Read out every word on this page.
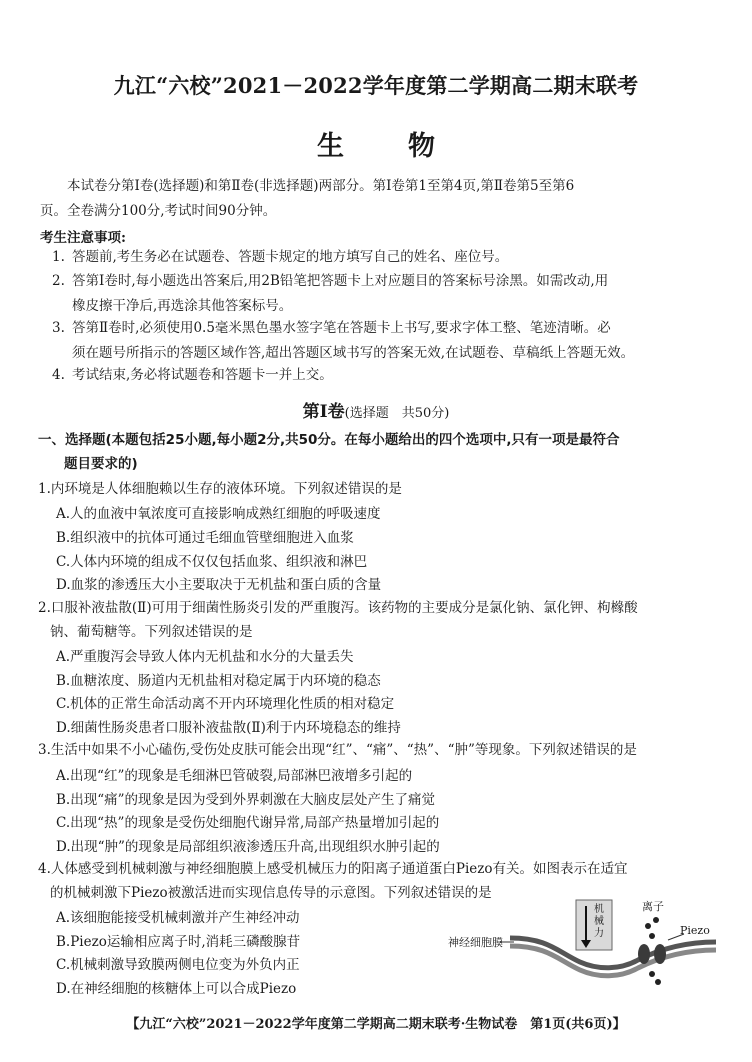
九江“六校”2021－2022学年度第二学期高二期末联考
生物
本试卷分第Ⅰ卷(选择题)和第Ⅱ卷(非选择题)两部分。第Ⅰ卷第1至第4页,第Ⅱ卷第5至第6
页。全卷满分100分,考试时间90分钟。
考生注意事项:
1. 答题前,考生务必在试题卷、答题卡规定的地方填写自己的姓名、座位号。
2. 答第Ⅰ卷时,每小题选出答案后,用2B铅笔把答题卡上对应题目的答案标号涂黑。如需改动,用
橡皮擦干净后,再选涂其他答案标号。
3. 答第Ⅱ卷时,必须使用0.5毫米黑色墨水签字笔在答题卡上书写,要求字体工整、笔迹清晰。必
须在题号所指示的答题区域作答,超出答题区域书写的答案无效,在试题卷、草稿纸上答题无效。
4. 考试结束,务必将试题卷和答题卡一并上交。
第Ⅰ卷(选择题　共50分)
一、选择题(本题包括25小题,每小题2分,共50分。在每小题给出的四个选项中,只有一项是最符合
题目要求的)
1.内环境是人体细胞赖以生存的液体环境。下列叙述错误的是
A.人的血液中氧浓度可直接影响成熟红细胞的呼吸速度
B.组织液中的抗体可通过毛细血管壁细胞进入血浆
C.人体内环境的组成不仅仅包括血浆、组织液和淋巴
D.血浆的渗透压大小主要取决于无机盐和蛋白质的含量
2.口服补液盐散(Ⅱ)可用于细菌性肠炎引发的严重腹泻。该药物的主要成分是氯化钠、氯化钾、枸橼酸
钠、葡萄糖等。下列叙述错误的是
A.严重腹泻会导致人体内无机盐和水分的大量丢失
B.血糖浓度、肠道内无机盐相对稳定属于内环境的稳态
C.机体的正常生命活动离不开内环境理化性质的相对稳定
D.细菌性肠炎患者口服补液盐散(Ⅱ)利于内环境稳态的维持
3.生活中如果不小心磕伤,受伤处皮肤可能会出现“红”、“痛”、“热”、“肿”等现象。下列叙述错误的是
A.出现“红”的现象是毛细淋巴管破裂,局部淋巴液增多引起的
B.出现“痛”的现象是因为受到外界刺激在大脑皮层处产生了痛觉
C.出现“热”的现象是受伤处细胞代谢异常,局部产热量增加引起的
D.出现“肿”的现象是局部组织液渗透压升高,出现组织水肿引起的
4.人体感受到机械刺激与神经细胞膜上感受机械压力的阳离子通道蛋白Piezo有关。如图表示在适宜
的机械刺激下Piezo被激活进而实现信息传导的示意图。下列叙述错误的是
A.该细胞能接受机械刺激并产生神经冲动
B.Piezo运输相应离子时,消耗三磷酸腺苷
C.机械刺激导致膜两侧电位变为外负内正
D.在神经细胞的核糖体上可以合成Piezo
神经细胞膜
机械力
离子
Piezo
【九江“六校”2021－2022学年度第二学期高二期末联考·生物试卷　第1页(共6页)】
